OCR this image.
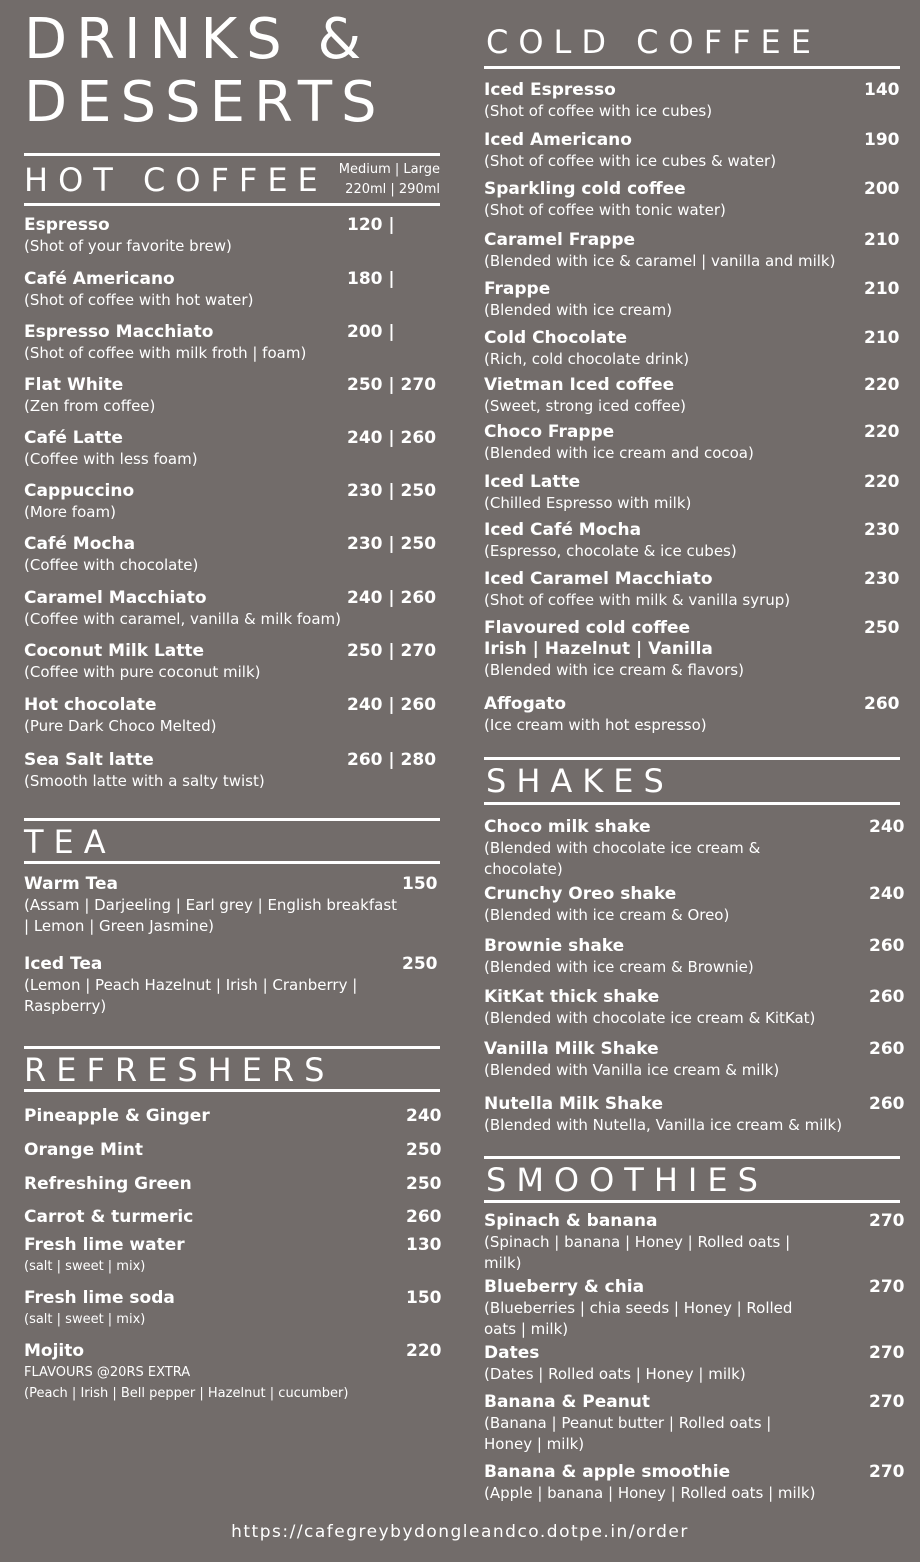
DRINKS &
DESSERTS
HOT COFFEE Medium | Large
220ml | 290ml
Espresso
(Shot of your favorite brew)
120 |
Café Americano
(Shot of coffee with hot water)
180 |
Espresso Macchiato
(Shot of coffee with milk froth | foam)
200 |
Flat White
(Zen from coffee)
250 | 270
Café Latte
(Coffee with less foam)
240 | 260
Cappuccino
(More foam)
230 | 250
Café Mocha
(Coffee with chocolate)
230 | 250
Caramel Macchiato
(Coffee with caramel, vanilla & milk foam)
240 | 260
Coconut Milk Latte
(Coffee with pure coconut milk)
250 | 270
Hot chocolate
(Pure Dark Choco Melted)
240 | 260
Sea Salt latte
(Smooth latte with a salty twist)
260 | 280
TEA
Warm Tea
(Assam | Darjeeling | Earl grey | English breakfast | Lemon | Green Jasmine)
150
Iced Tea
(Lemon | Peach Hazelnut | Irish | Cranberry | Raspberry)
250
REFRESHERS
Pineapple & Ginger	240
Orange Mint	250
Refreshing Green	250
Carrot & turmeric	260
Fresh lime water
(salt | sweet | mix)
130
Fresh lime soda
(salt | sweet | mix)
150
Mojito
FLAVOURS @20RS EXTRA
(Peach | Irish | Bell pepper | Hazelnut | cucumber)
220
COLD COFFEE
Iced Espresso
(Shot of coffee with ice cubes)
140
Iced Americano
(Shot of coffee with ice cubes & water)
190
Sparkling cold coffee
(Shot of coffee with tonic water)
200
Caramel Frappe
(Blended with ice & caramel | vanilla and milk)
210
Frappe
(Blended with ice cream)
210
Cold Chocolate
(Rich, cold chocolate drink)
210
Vietman Iced coffee
(Sweet, strong iced coffee)
220
Choco Frappe
(Blended with ice cream and cocoa)
220
Iced Latte
(Chilled Espresso with milk)
220
Iced Café Mocha
(Espresso, chocolate & ice cubes)
230
Iced Caramel Macchiato
(Shot of coffee with milk & vanilla syrup)
230
Flavoured cold coffee
Irish | Hazelnut | Vanilla
(Blended with ice cream & flavors)
250
Affogato
(Ice cream with hot espresso)
260
SHAKES
Choco milk shake
(Blended with chocolate ice cream & chocolate)
240
Crunchy Oreo shake
(Blended with ice cream & Oreo)
240
Brownie shake
(Blended with ice cream & Brownie)
260
KitKat thick shake
(Blended with chocolate ice cream & KitKat)
260
Vanilla Milk Shake
(Blended with Vanilla ice cream & milk)
260
Nutella Milk Shake
(Blended with Nutella, Vanilla ice cream & milk)
260
SMOOTHIES
Spinach & banana
(Spinach | banana | Honey | Rolled oats | milk)
270
Blueberry & chia
(Blueberries | chia seeds | Honey | Rolled oats | milk)
270
Dates
(Dates | Rolled oats | Honey | milk)
270
Banana & Peanut
(Banana | Peanut butter | Rolled oats | Honey | milk)
270
Banana & apple smoothie
(Apple | banana | Honey | Rolled oats | milk)
270
https://cafegreybydongleandco.dotpe.in/order
